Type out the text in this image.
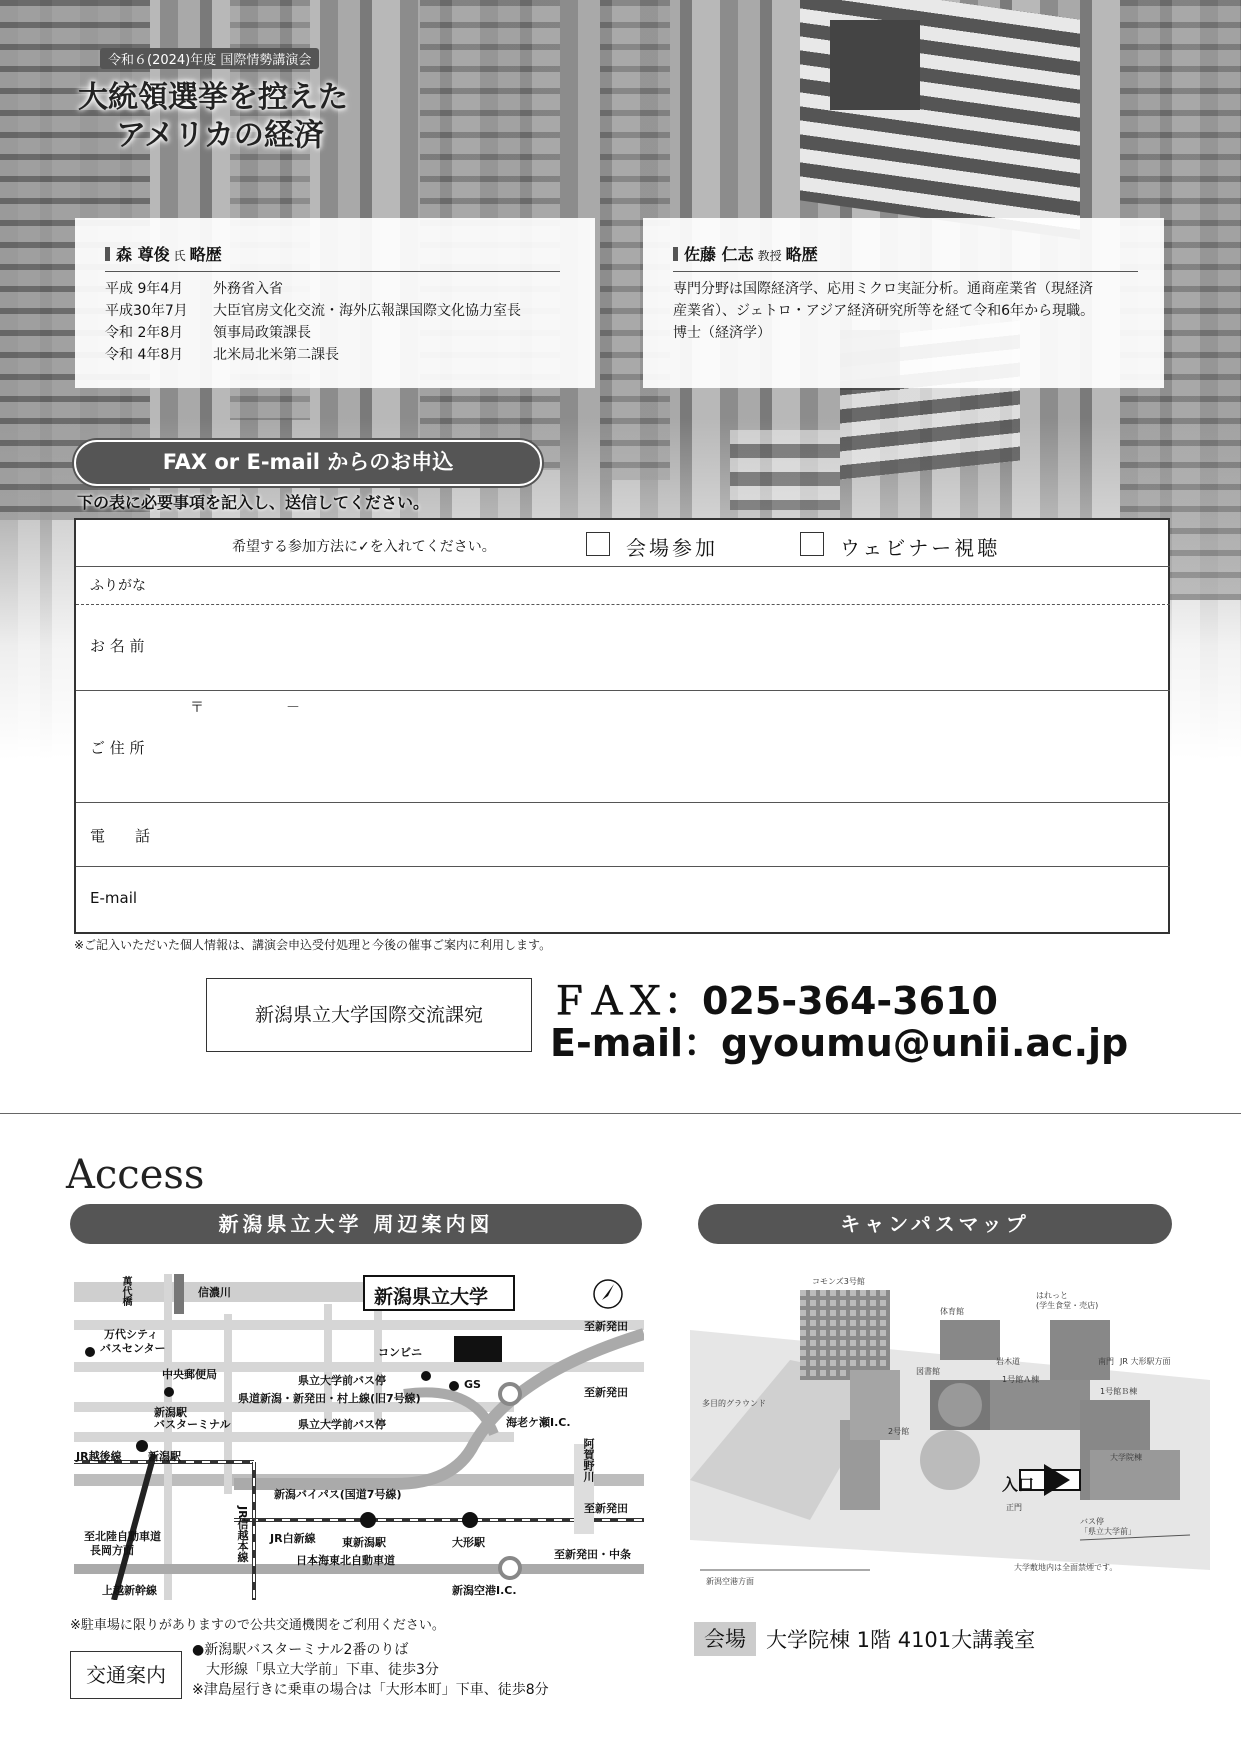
令和６(2024)年度 国際情勢講演会
大統領選挙を控えた
アメリカの経済
森 尊俊 氏 略歴
平成 9年4月 外務省入省
平成30年7月 大臣官房文化交流・海外広報課国際文化協力室長
令和 2年8月 領事局政策課長
令和 4年8月 北米局北米第二課長
佐藤 仁志 教授 略歴
専門分野は国際経済学、応用ミクロ実証分析。通商産業省（現経済
産業省）、ジェトロ・アジア経済研究所等を経て令和6年から現職。
博士（経済学）
FAX or E-mail からのお申込
下の表に必要事項を記入し、送信してください。
希望する参加方法に✓を入れてください。	会場参加	ウェビナー視聴
ふりがな
お 名 前
〒	－
ご 住 所
電　　話
E-mail
※ご記入いただいた個人情報は、講演会申込受付処理と今後の催事ご案内に利用します。
新潟県立大学国際交流課宛	ＦＡＸ：025-364-3610
E-mail：gyoumu@unii.ac.jp
Access
新潟県立大学 周辺案内図	キャンパスマップ
萬代橋	信濃川	新潟県立大学
万代シティ
バスセンター
中央郵便局
コンビニ
県立大学前バス停	GS
県道新潟・新発田・村上線(旧7号線)
県立大学前バス停
新潟駅
バスターミナル
JR越後線 新潟駅
海老ケ瀬I.C.
阿賀野川
至新発田
至新発田
至新発田
至新発田・中条
新潟バイパス(国道7号線)
JR白新線 東新潟駅	大形駅
JR信越本線
至北陸自動車道
長岡方面
上越新幹線
日本海東北自動車道
新潟空港I.C.
※駐車場に限りがありますので公共交通機関をご利用ください。
交通案内
●新潟駅バスターミナル2番のりば
　大形線「県立大学前」下車、徒歩3分
※津島屋行きに乗車の場合は「大形本町」下車、徒歩8分
コモンズ3号館
体育館
はれっと
(学生食堂・売店)
図書館
岩木道
1号館Ａ棟
1号館Ｂ棟
多目的グラウンド
2号館
大学院棟
南門 JR 大形駅方面
入口
正門
バス停
「県立大学前」
新潟空港方面
大学敷地内は全面禁煙です。
会場 大学院棟 1階 4101大講義室
